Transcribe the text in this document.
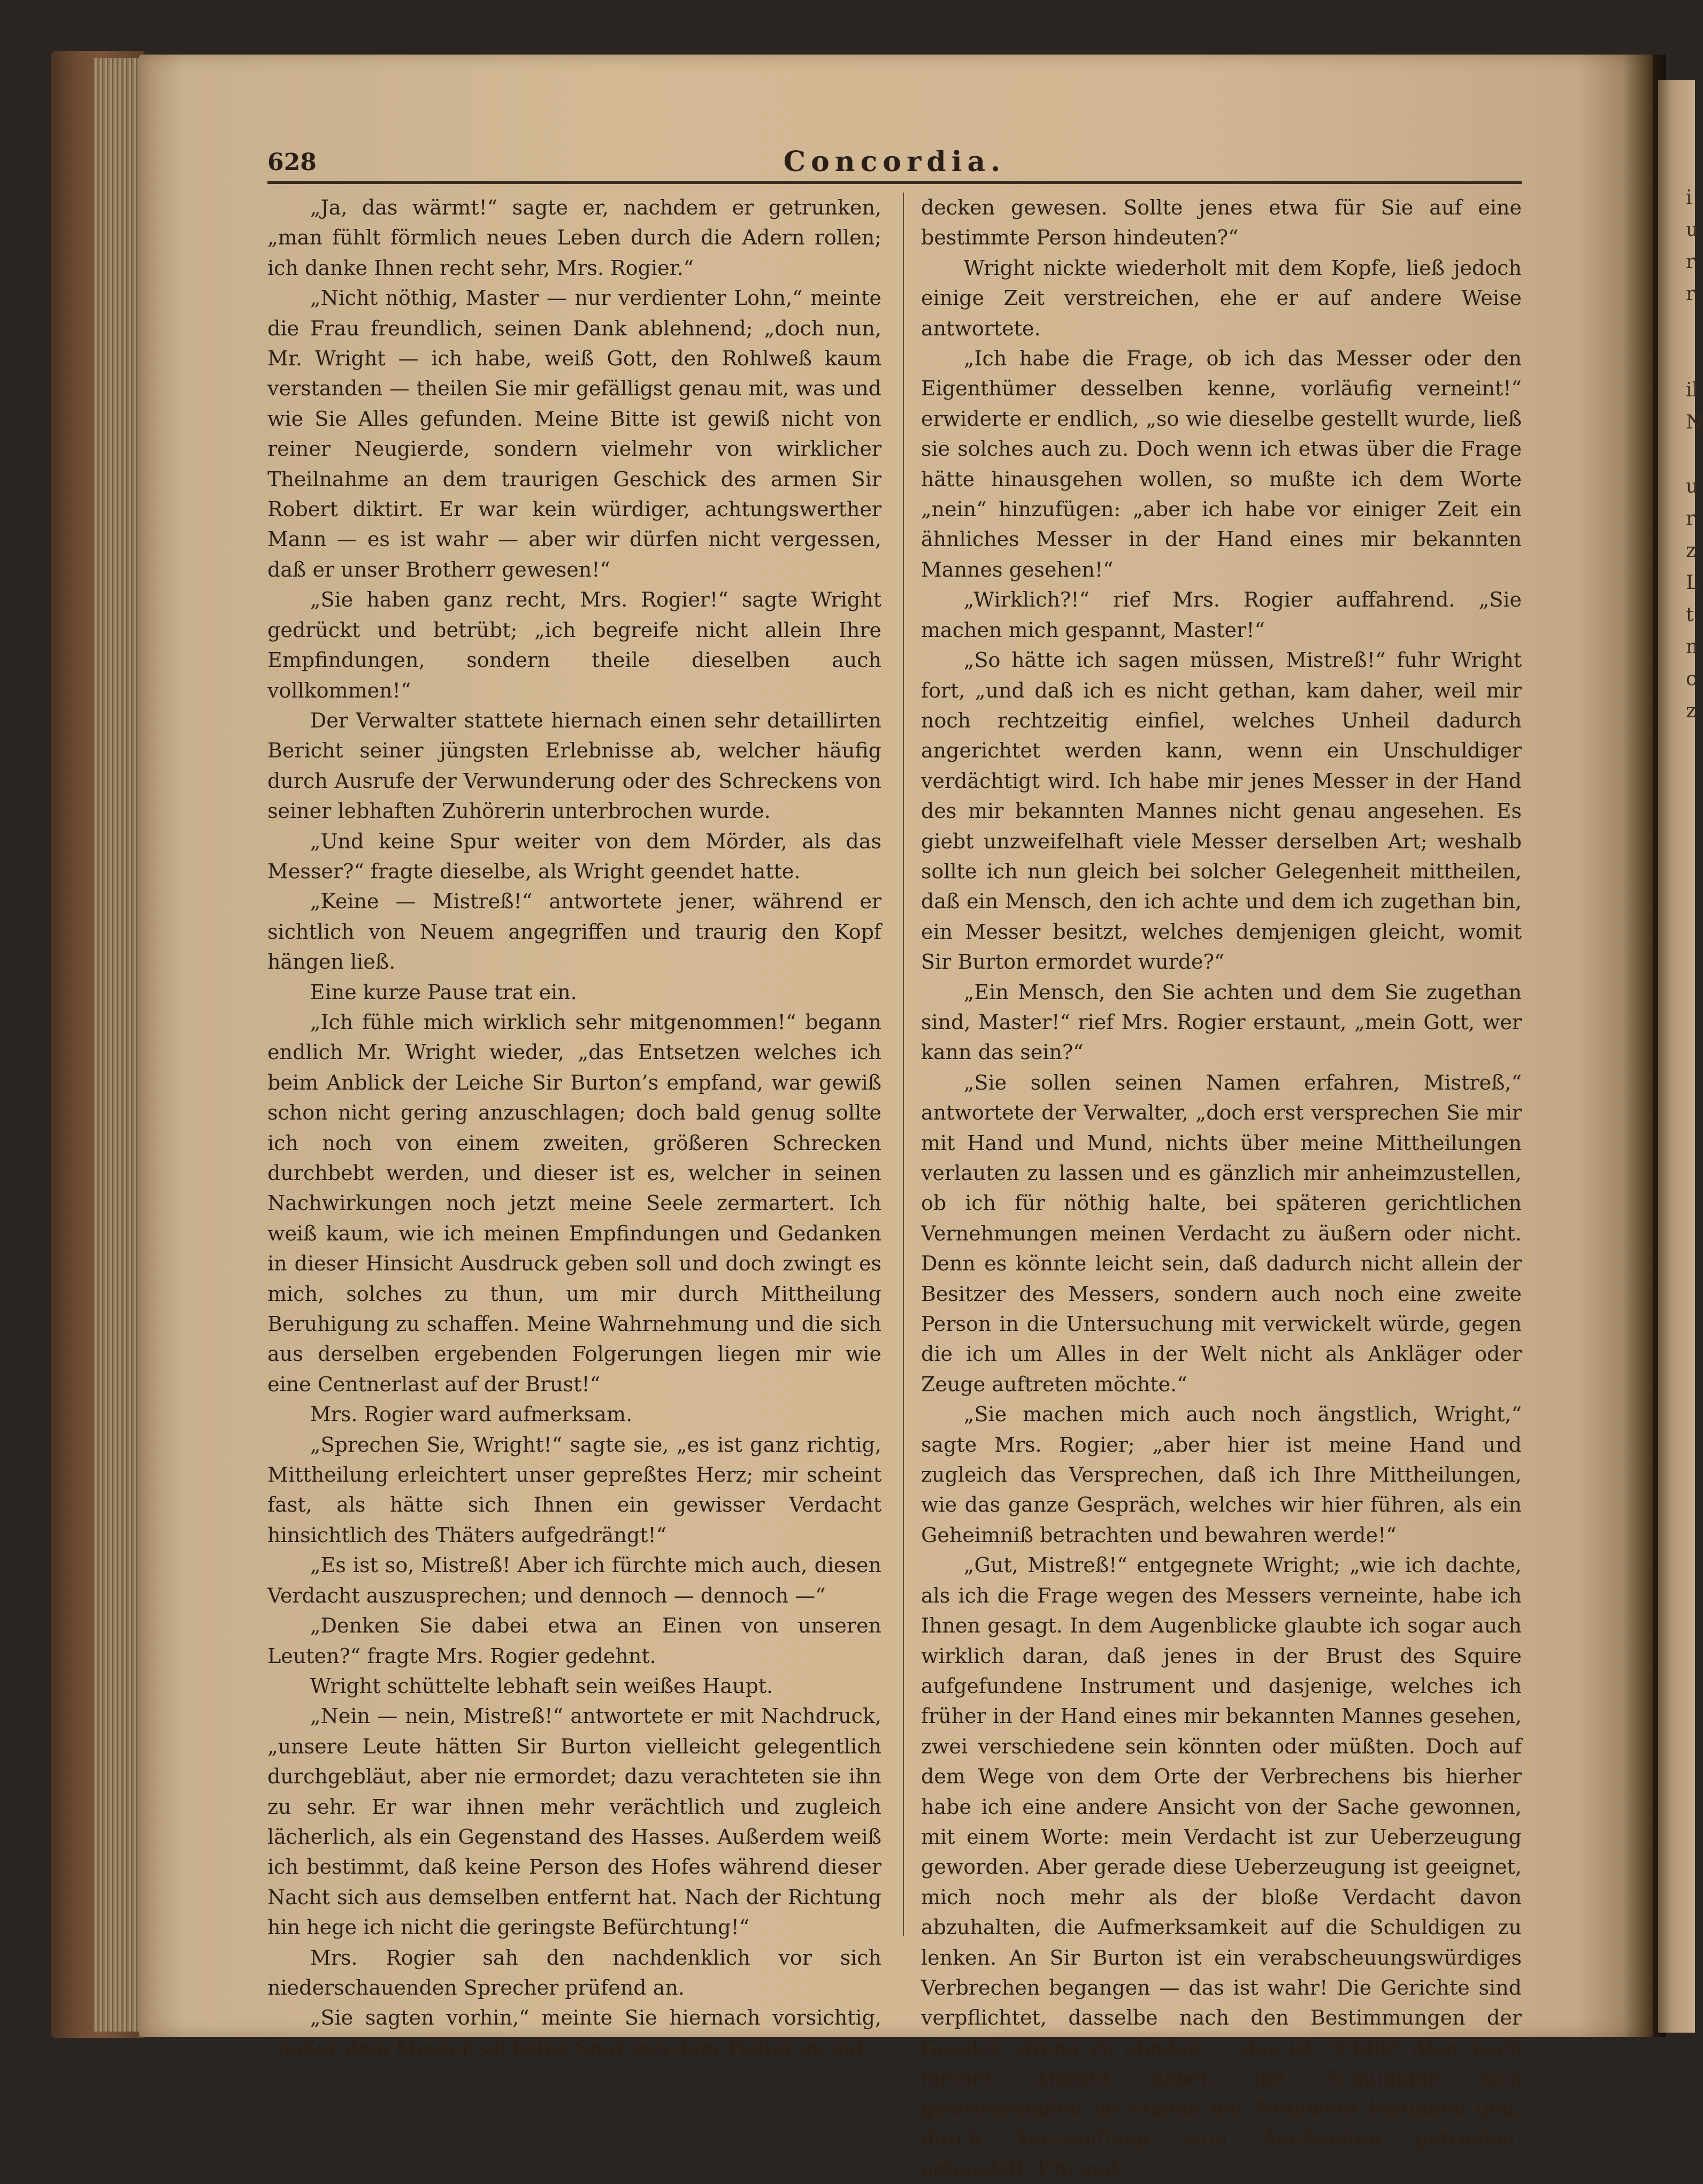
628	Concordia.

„Ja, das wärmt!“ sagte er, nachdem er getrunken, „man fühlt förmlich neues Leben durch die Adern rollen; ich danke Ihnen recht sehr, Mrs. Rogier.“

„Nicht nöthig, Master — nur verdienter Lohn,“ meinte die Frau freundlich, seinen Dank ablehnend; „doch nun, Mr. Wright — ich habe, weiß Gott, den Rohlweß kaum verstanden — theilen Sie mir gefälligst genau mit, was und wie Sie Alles gefunden. Meine Bitte ist gewiß nicht von reiner Neugierde, sondern vielmehr von wirklicher Theilnahme an dem traurigen Geschick des armen Sir Robert diktirt. Er war kein würdiger, achtungswerther Mann — es ist wahr — aber wir dürfen nicht vergessen, daß er unser Brotherr gewesen!“

„Sie haben ganz recht, Mrs. Rogier!“ sagte Wright gedrückt und betrübt; „ich begreife nicht allein Ihre Empfindungen, sondern theile dieselben auch vollkommen!“

Der Verwalter stattete hiernach einen sehr detaillirten Bericht seiner jüngsten Erlebnisse ab, welcher häufig durch Ausrufe der Verwunderung oder des Schreckens von seiner lebhaften Zuhörerin unterbrochen wurde.

„Und keine Spur weiter von dem Mörder, als das Messer?“ fragte dieselbe, als Wright geendet hatte.

„Keine — Mistreß!“ antwortete jener, während er sichtlich von Neuem angegriffen und traurig den Kopf hängen ließ.

Eine kurze Pause trat ein.

„Ich fühle mich wirklich sehr mitgenommen!“ begann endlich Mr. Wright wieder, „das Entsetzen welches ich beim Anblick der Leiche Sir Burton’s empfand, war gewiß schon nicht gering anzuschlagen; doch bald genug sollte ich noch von einem zweiten, größeren Schrecken durchbebt werden, und dieser ist es, welcher in seinen Nachwirkungen noch jetzt meine Seele zermartert. Ich weiß kaum, wie ich meinen Empfindungen und Gedanken in dieser Hinsicht Ausdruck geben soll und doch zwingt es mich, solches zu thun, um mir durch Mittheilung Beruhigung zu schaffen. Meine Wahrnehmung und die sich aus derselben ergebenden Folgerungen liegen mir wie eine Centnerlast auf der Brust!“

Mrs. Rogier ward aufmerksam.

„Sprechen Sie, Wright!“ sagte sie, „es ist ganz richtig, Mittheilung erleichtert unser gepreßtes Herz; mir scheint fast, als hätte sich Ihnen ein gewisser Verdacht hinsichtlich des Thäters aufgedrängt!“

„Es ist so, Mistreß! Aber ich fürchte mich auch, diesen Verdacht auszusprechen; und dennoch — dennoch —“

„Denken Sie dabei etwa an Einen von unseren Leuten?“ fragte Mrs. Rogier gedehnt.

Wright schüttelte lebhaft sein weißes Haupt.

„Nein — nein, Mistreß!“ antwortete er mit Nachdruck, „unsere Leute hätten Sir Burton vielleicht gelegentlich durchgebläut, aber nie ermordet; dazu verachteten sie ihn zu sehr. Er war ihnen mehr verächtlich und zugleich lächerlich, als ein Gegenstand des Hasses. Außerdem weiß ich bestimmt, daß keine Person des Hofes während dieser Nacht sich aus demselben entfernt hat. Nach der Richtung hin hege ich nicht die geringste Befürchtung!“

Mrs. Rogier sah den nachdenklich vor sich niederschauenden Sprecher prüfend an.

„Sie sagten vorhin,“ meinte Sie hiernach vorsichtig, „außer dem Messer sei keine Spur von dem Thäter zu ent-

decken gewesen. Sollte jenes etwa für Sie auf eine bestimmte Person hindeuten?“

Wright nickte wiederholt mit dem Kopfe, ließ jedoch einige Zeit verstreichen, ehe er auf andere Weise antwortete.

„Ich habe die Frage, ob ich das Messer oder den Eigenthümer desselben kenne, vorläufig verneint!“ erwiderte er endlich, „so wie dieselbe gestellt wurde, ließ sie solches auch zu. Doch wenn ich etwas über die Frage hätte hinausgehen wollen, so mußte ich dem Worte „nein“ hinzufügen: „aber ich habe vor einiger Zeit ein ähnliches Messer in der Hand eines mir bekannten Mannes gesehen!“

„Wirklich?!“ rief Mrs. Rogier auffahrend. „Sie machen mich gespannt, Master!“

„So hätte ich sagen müssen, Mistreß!“ fuhr Wright fort, „und daß ich es nicht gethan, kam daher, weil mir noch rechtzeitig einfiel, welches Unheil dadurch angerichtet werden kann, wenn ein Unschuldiger verdächtigt wird. Ich habe mir jenes Messer in der Hand des mir bekannten Mannes nicht genau angesehen. Es giebt unzweifelhaft viele Messer derselben Art; weshalb sollte ich nun gleich bei solcher Gelegenheit mittheilen, daß ein Mensch, den ich achte und dem ich zugethan bin, ein Messer besitzt, welches demjenigen gleicht, womit Sir Burton ermordet wurde?“

„Ein Mensch, den Sie achten und dem Sie zugethan sind, Master!“ rief Mrs. Rogier erstaunt, „mein Gott, wer kann das sein?“

„Sie sollen seinen Namen erfahren, Mistreß,“ antwortete der Verwalter, „doch erst versprechen Sie mir mit Hand und Mund, nichts über meine Mittheilungen verlauten zu lassen und es gänzlich mir anheimzustellen, ob ich für nöthig halte, bei späteren gerichtlichen Vernehmungen meinen Verdacht zu äußern oder nicht. Denn es könnte leicht sein, daß dadurch nicht allein der Besitzer des Messers, sondern auch noch eine zweite Person in die Untersuchung mit verwickelt würde, gegen die ich um Alles in der Welt nicht als Ankläger oder Zeuge auftreten möchte.“

„Sie machen mich auch noch ängstlich, Wright,“ sagte Mrs. Rogier; „aber hier ist meine Hand und zugleich das Versprechen, daß ich Ihre Mittheilungen, wie das ganze Gespräch, welches wir hier führen, als ein Geheimniß betrachten und bewahren werde!“

„Gut, Mistreß!“ entgegnete Wright; „wie ich dachte, als ich die Frage wegen des Messers verneinte, habe ich Ihnen gesagt. In dem Augenblicke glaubte ich sogar auch wirklich daran, daß jenes in der Brust des Squire aufgefundene Instrument und dasjenige, welches ich früher in der Hand eines mir bekannten Mannes gesehen, zwei verschiedene sein könnten oder müßten. Doch auf dem Wege von dem Orte der Verbrechens bis hierher habe ich eine andere Ansicht von der Sache gewonnen, mit einem Worte: mein Verdacht ist zur Ueberzeugung geworden. Aber gerade diese Ueberzeugung ist geeignet, mich noch mehr als der bloße Verdacht davon abzuhalten, die Aufmerksamkeit auf die Schuldigen zu lenken. An Sir Burton ist ein verabscheuungswürdiges Verbrechen begangen — das ist wahr! Die Gerichte sind verpflichtet, dasselbe nach den Bestimmungen der Gesetze streng zu ahnden — das ist richtig! Aber nach meiner Ansicht haben die Schuldigen sich gewissermaßen im Stande der Nothwehr befunden und, durch Verzweiflung zum Aeußersten getrieben, gehandelt. Um end-

i
u
r
r

il
N

u
r
z
L
t
n
c
z
